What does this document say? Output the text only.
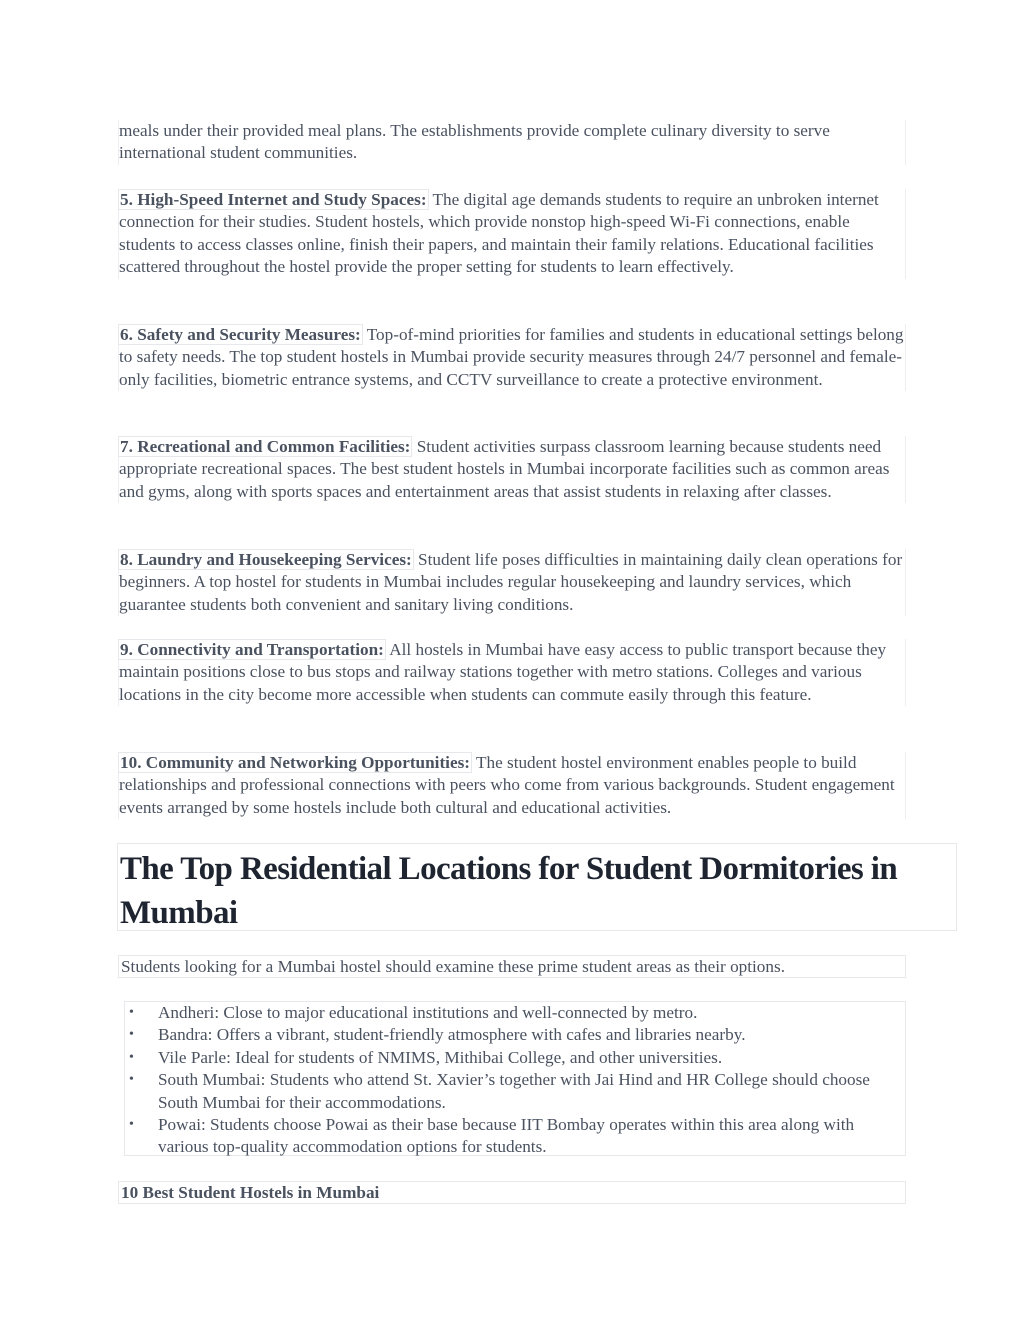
meals under their provided meal plans. The establishments provide complete culinary diversity to serve international student communities.
5. High-Speed Internet and Study Spaces: The digital age demands students to require an unbroken internet connection for their studies. Student hostels, which provide nonstop high-speed Wi-Fi connections, enable students to access classes online, finish their papers, and maintain their family relations. Educational facilities scattered throughout the hostel provide the proper setting for students to learn effectively.
6. Safety and Security Measures: Top-of-mind priorities for families and students in educational settings belong to safety needs. The top student hostels in Mumbai provide security measures through 24/7 personnel and female-only facilities, biometric entrance systems, and CCTV surveillance to create a protective environment.
7. Recreational and Common Facilities: Student activities surpass classroom learning because students need appropriate recreational spaces. The best student hostels in Mumbai incorporate facilities such as common areas and gyms, along with sports spaces and entertainment areas that assist students in relaxing after classes.
8. Laundry and Housekeeping Services: Student life poses difficulties in maintaining daily clean operations for beginners. A top hostel for students in Mumbai includes regular housekeeping and laundry services, which guarantee students both convenient and sanitary living conditions.
9. Connectivity and Transportation: All hostels in Mumbai have easy access to public transport because they maintain positions close to bus stops and railway stations together with metro stations. Colleges and various locations in the city become more accessible when students can commute easily through this feature.
10. Community and Networking Opportunities: The student hostel environment enables people to build relationships and professional connections with peers who come from various backgrounds. Student engagement events arranged by some hostels include both cultural and educational activities.
The Top Residential Locations for Student Dormitories in Mumbai
Students looking for a Mumbai hostel should examine these prime student areas as their options.
• Andheri: Close to major educational institutions and well-connected by metro.
• Bandra: Offers a vibrant, student-friendly atmosphere with cafes and libraries nearby.
• Vile Parle: Ideal for students of NMIMS, Mithibai College, and other universities.
• South Mumbai: Students who attend St. Xavier’s together with Jai Hind and HR College should choose South Mumbai for their accommodations.
• Powai: Students choose Powai as their base because IIT Bombay operates within this area along with various top-quality accommodation options for students.
10 Best Student Hostels in Mumbai
